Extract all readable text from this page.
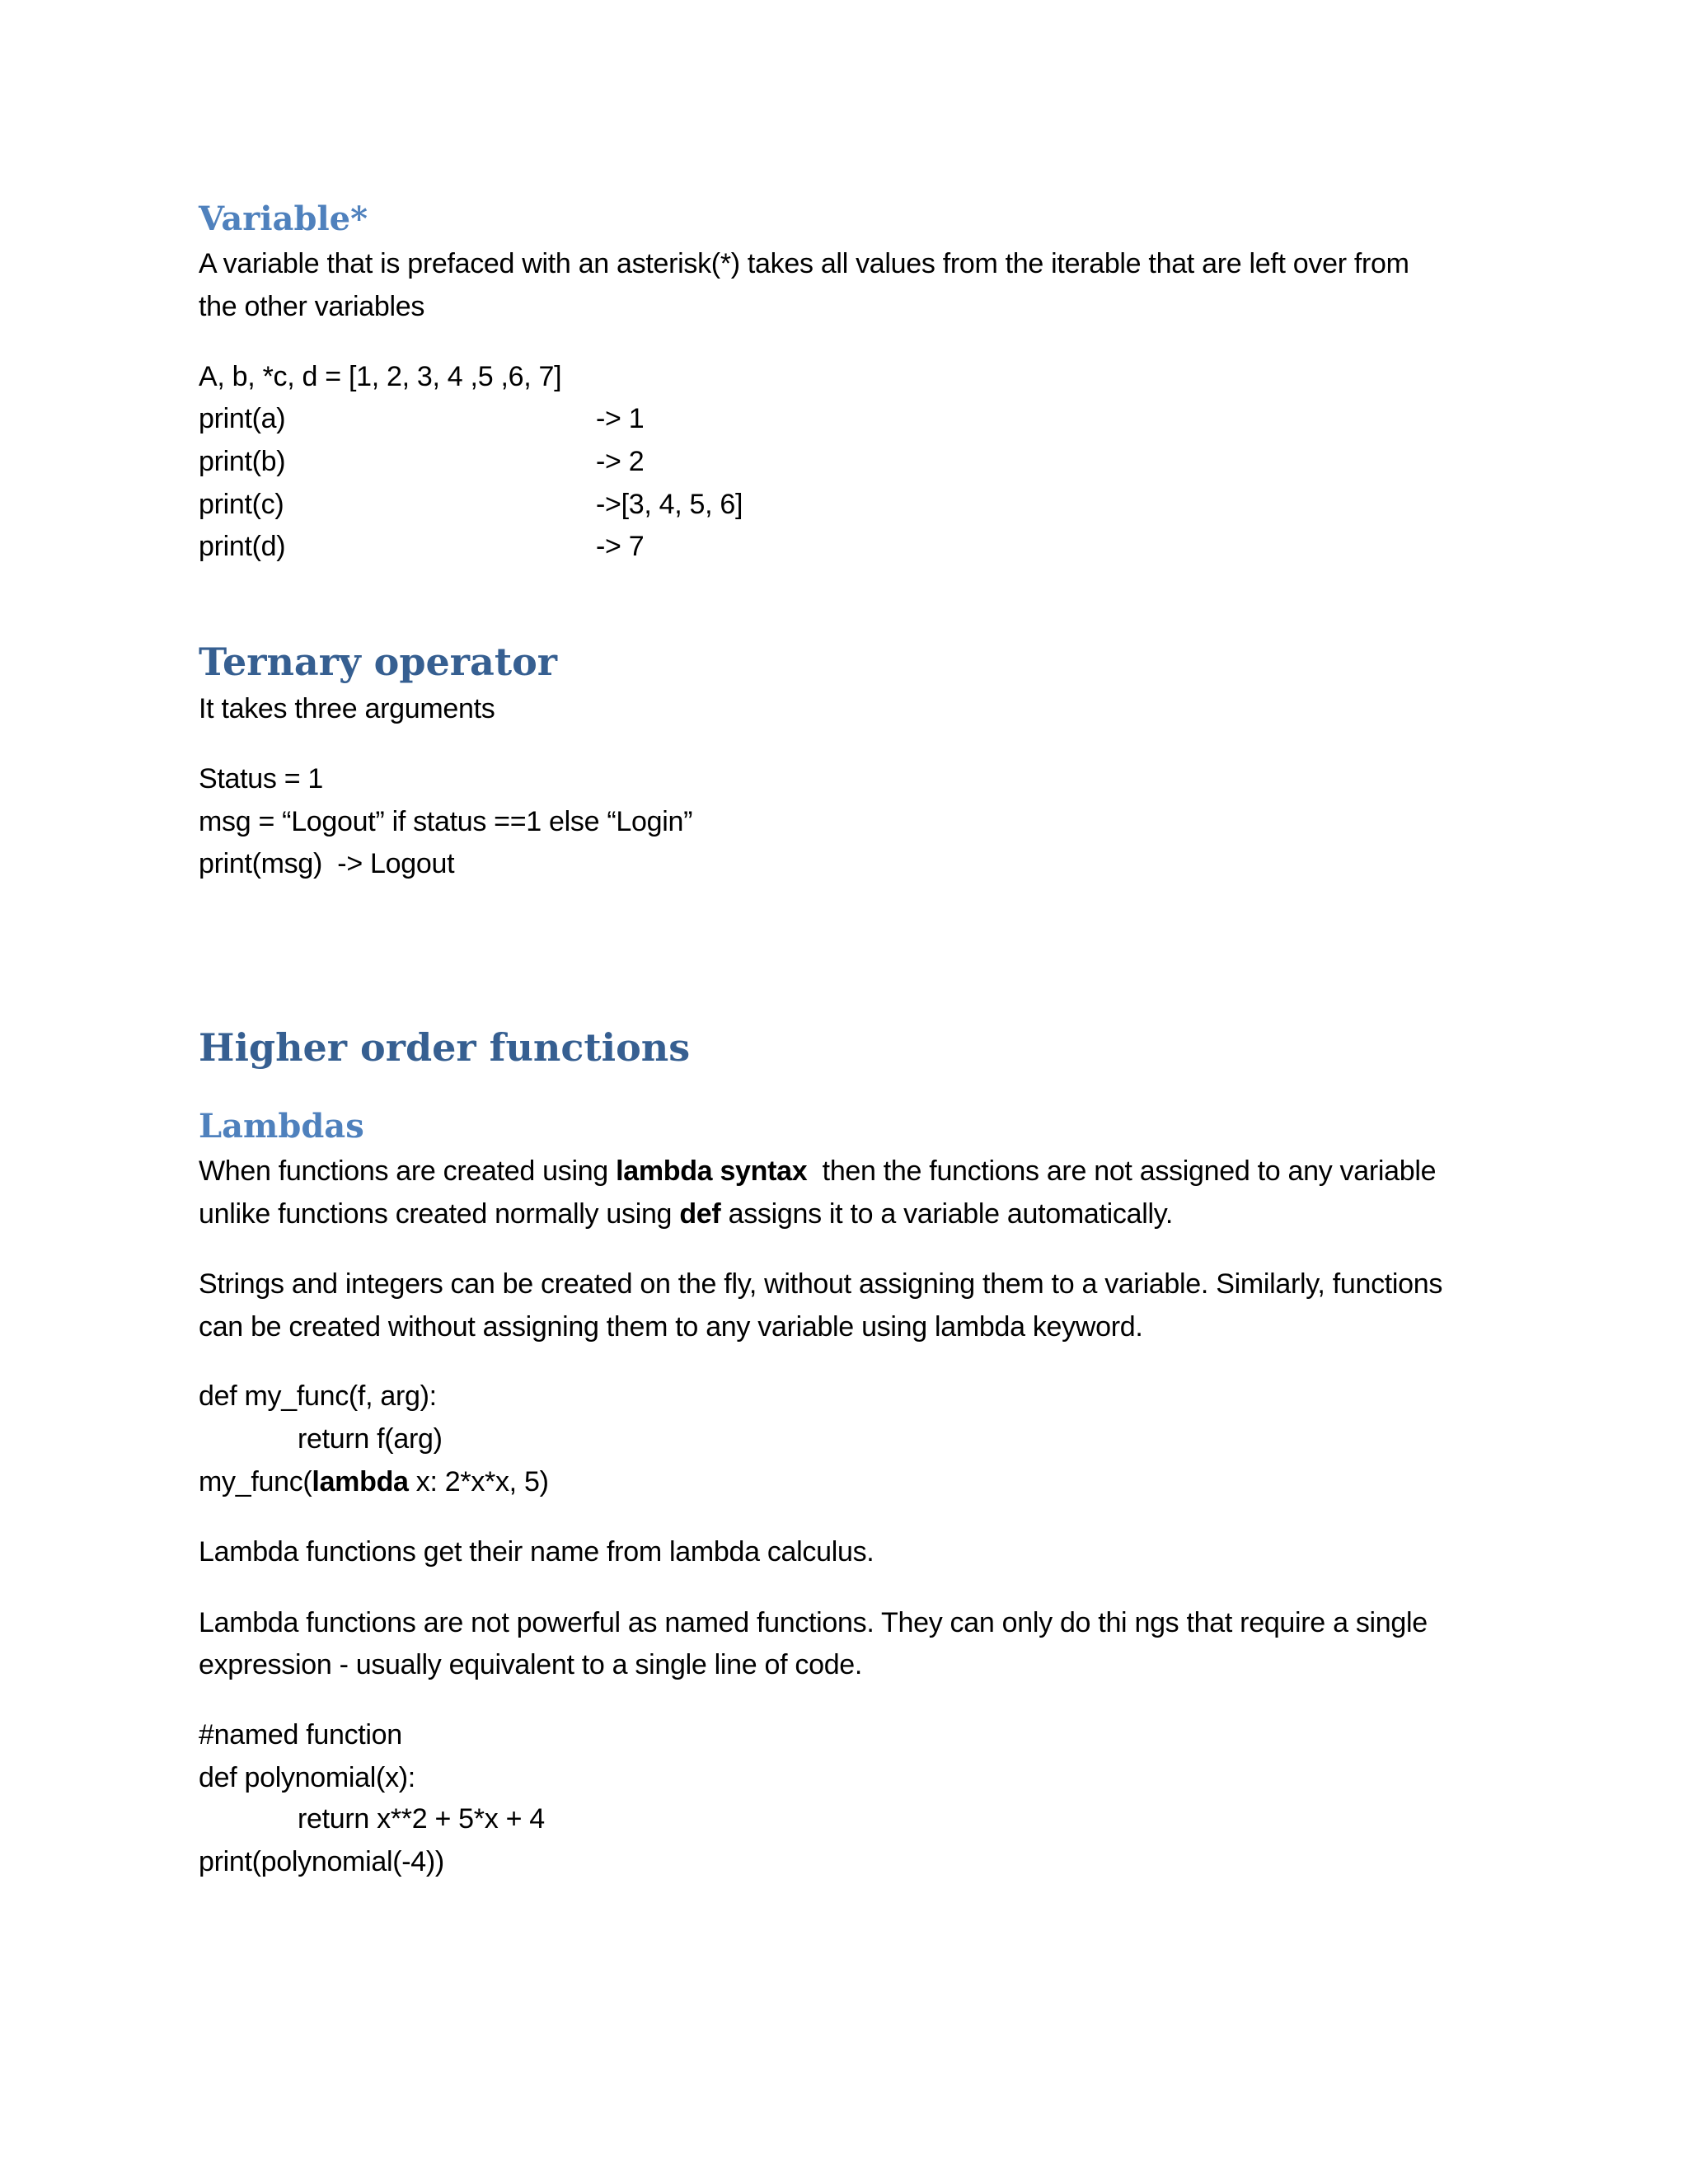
Variable*
A variable that is prefaced with an asterisk(*) takes all values from the iterable that are left over from
the other variables
A, b, *c, d = [1, 2, 3, 4 ,5 ,6, 7]
print(a)	-> 1
print(b)	-> 2
print(c)	->[3, 4, 5, 6]
print(d)	-> 7
Ternary operator
It takes three arguments
Status = 1
msg = “Logout” if status ==1 else “Login”
print(msg)  -> Logout
Higher order functions
Lambdas
When functions are created using lambda syntax  then the functions are not assigned to any variable
unlike functions created normally using def assigns it to a variable automatically.
Strings and integers can be created on the fly, without assigning them to a variable. Similarly, functions
can be created without assigning them to any variable using lambda keyword.
def my_func(f, arg):
return f(arg)
my_func(lambda x: 2*x*x, 5)
Lambda functions get their name from lambda calculus.
Lambda functions are not powerful as named functions. They can only do thi ngs that require a single
expression - usually equivalent to a single line of code.
#named function
def polynomial(x):
return x**2 + 5*x + 4
print(polynomial(-4))
